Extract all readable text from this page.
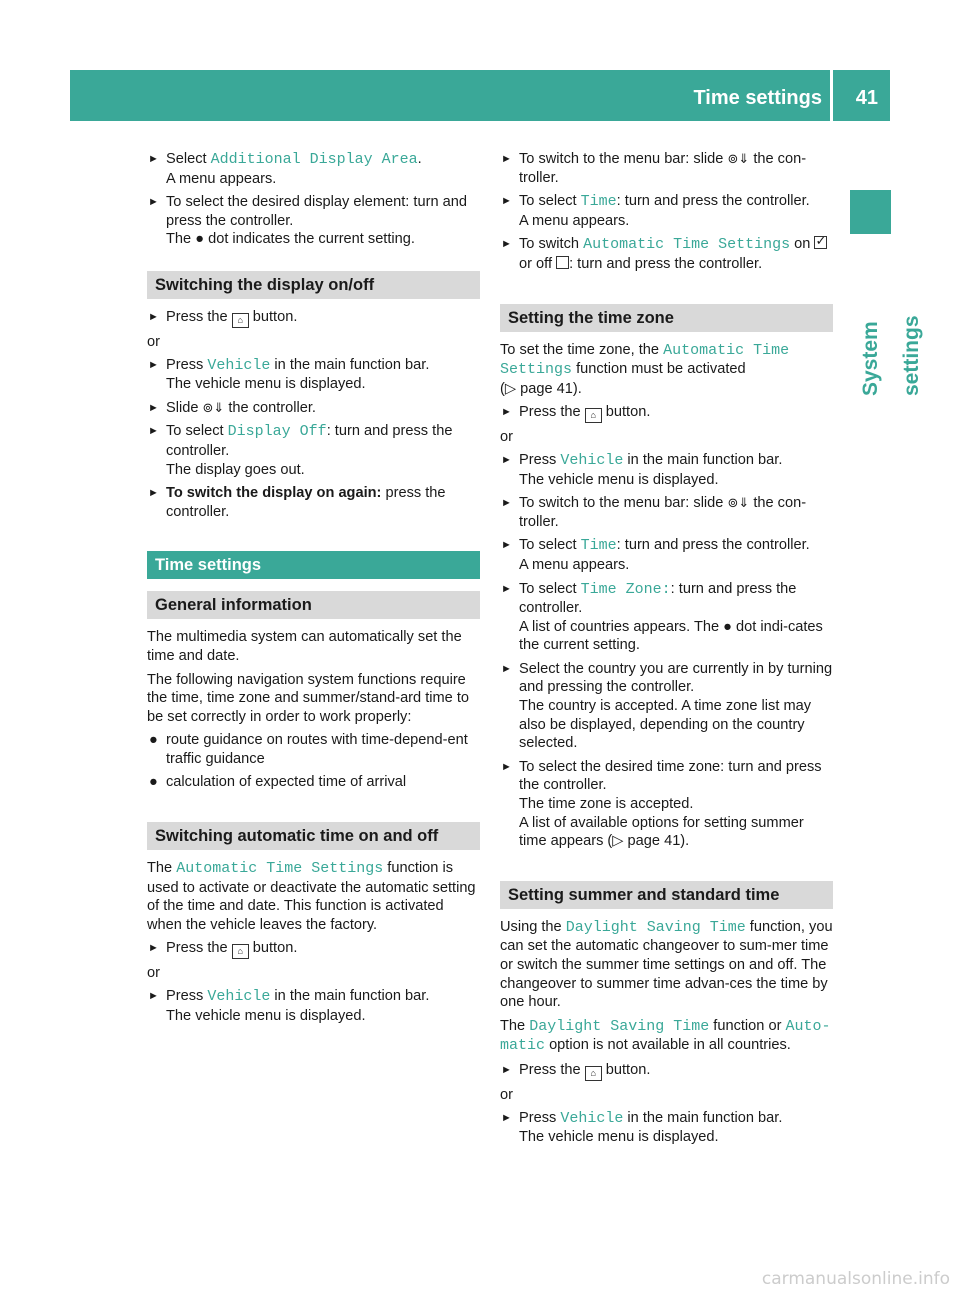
Time settings 41
System settings
► Select Additional Display Area.
A menu appears.
► To select the desired display element: turn and press the controller.
The ● dot indicates the current setting.
Switching the display on/off
► Press the ⌂ button.
or
► Press Vehicle in the main function bar.
The vehicle menu is displayed.
► Slide ⊚⇓ the controller.
► To select Display Off: turn and press the controller.
The display goes out.
► To switch the display on again: press the controller.
Time settings
General information

The multimedia system can automatically set the time and date.

The following navigation system functions require the time, time zone and summer/stand-ard time to be set correctly in order to work properly:

● route guidance on routes with time-depend-ent traffic guidance
● calculation of expected time of arrival
Switching automatic time on and off

The Automatic Time Settings function is used to activate or deactivate the automatic setting of the time and date. This function is activated when the vehicle leaves the factory.

► Press the ⌂ button.
or
► Press Vehicle in the main function bar.
The vehicle menu is displayed.
► To switch to the menu bar: slide ⊚⇓ the con-troller.
► To select Time: turn and press the controller.
A menu appears.
► To switch Automatic Time Settings on ✓ or off : turn and press the controller.
Setting the time zone

To set the time zone, the Automatic Time Settings function must be activated
(▷ page 41).

► Press the ⌂ button.
or
► Press Vehicle in the main function bar.
The vehicle menu is displayed.
► To switch to the menu bar: slide ⊚⇓ the con-troller.
► To select Time: turn and press the controller.
A menu appears.
► To select Time Zone:: turn and press the controller.
A list of countries appears. The ● dot indi-cates the current setting.
► Select the country you are currently in by turning and pressing the controller.
The country is accepted. A time zone list may also be displayed, depending on the country selected.
► To select the desired time zone: turn and press the controller.
The time zone is accepted.
A list of available options for setting summer time appears (▷ page 41).
Setting summer and standard time

Using the Daylight Saving Time function, you can set the automatic changeover to sum-mer time or switch the summer time settings on and off. The changeover to summer time advan-ces the time by one hour.

The Daylight Saving Time function or Auto-matic option is not available in all countries.

► Press the ⌂ button.
or
► Press Vehicle in the main function bar.
The vehicle menu is displayed.
carmanualsonline.info
